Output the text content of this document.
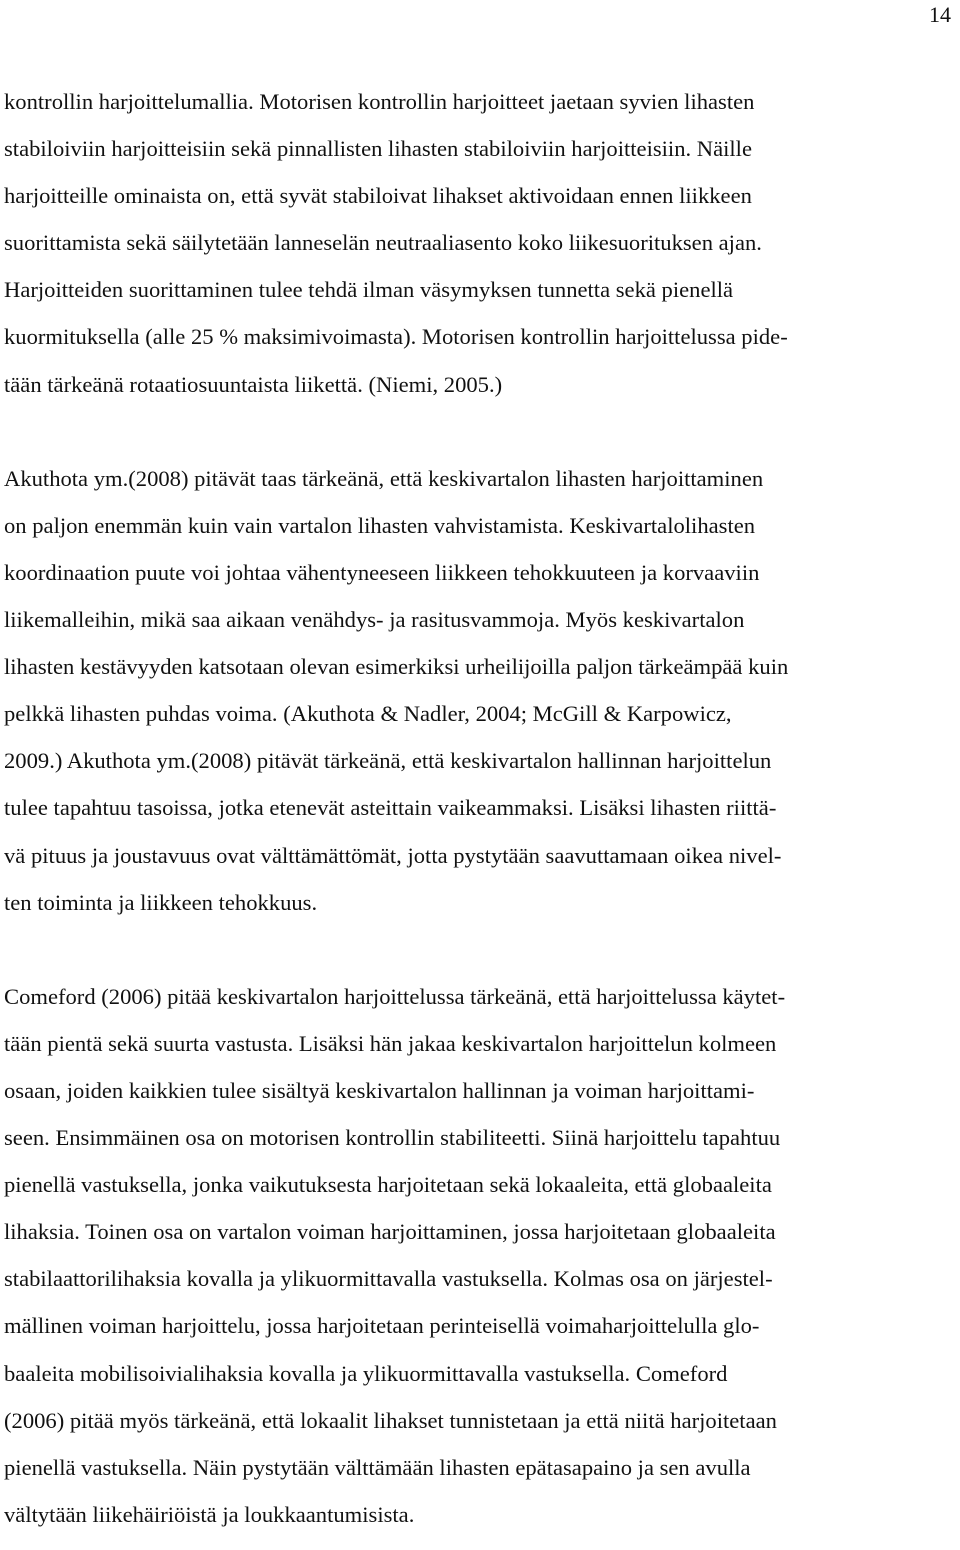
14
kontrollin harjoittelumallia. Motorisen kontrollin harjoitteet jaetaan syvien lihasten
stabiloiviin harjoitteisiin sekä pinnallisten lihasten stabiloiviin harjoitteisiin. Näille
harjoitteille ominaista on, että syvät stabiloivat lihakset aktivoidaan ennen liikkeen
suorittamista sekä säilytetään lanneselän neutraaliasento koko liikesuorituksen ajan.
Harjoitteiden suorittaminen tulee tehdä ilman väsymyksen tunnetta sekä pienellä
kuormituksella (alle 25 % maksimivoimasta). Motorisen kontrollin harjoittelussa pide-
tään tärkeänä rotaatiosuuntaista liikettä. (Niemi, 2005.)
Akuthota ym.(2008) pitävät taas tärkeänä, että keskivartalon lihasten harjoittaminen
on paljon enemmän kuin vain vartalon lihasten vahvistamista. Keskivartalolihasten
koordinaation puute voi johtaa vähentyneeseen liikkeen tehokkuuteen ja korvaaviin
liikemalleihin, mikä saa aikaan venähdys- ja rasitusvammoja. Myös keskivartalon
lihasten kestävyyden katsotaan olevan esimerkiksi urheilijoilla paljon tärkeämpää kuin
pelkkä lihasten puhdas voima. (Akuthota & Nadler, 2004; McGill & Karpowicz,
2009.) Akuthota ym.(2008) pitävät tärkeänä, että keskivartalon hallinnan harjoittelun
tulee tapahtuu tasoissa, jotka etenevät asteittain vaikeammaksi. Lisäksi lihasten riittä-
vä pituus ja joustavuus ovat välttämättömät, jotta pystytään saavuttamaan oikea nivel-
ten toiminta ja liikkeen tehokkuus.
Comeford (2006) pitää keskivartalon harjoittelussa tärkeänä, että harjoittelussa käytet-
tään pientä sekä suurta vastusta. Lisäksi hän jakaa keskivartalon harjoittelun kolmeen
osaan, joiden kaikkien tulee sisältyä keskivartalon hallinnan ja voiman harjoittami-
seen. Ensimmäinen osa on motorisen kontrollin stabiliteetti. Siinä harjoittelu tapahtuu
pienellä vastuksella, jonka vaikutuksesta harjoitetaan sekä lokaaleita, että globaaleita
lihaksia. Toinen osa on vartalon voiman harjoittaminen, jossa harjoitetaan globaaleita
stabilaattorilihaksia kovalla ja ylikuormittavalla vastuksella. Kolmas osa on järjestel-
mällinen voiman harjoittelu, jossa harjoitetaan perinteisellä voimaharjoittelulla glo-
baaleita mobilisoivialihaksia kovalla ja ylikuormittavalla vastuksella. Comeford
(2006) pitää myös tärkeänä, että lokaalit lihakset tunnistetaan ja että niitä harjoitetaan
pienellä vastuksella. Näin pystytään välttämään lihasten epätasapaino ja sen avulla
vältytään liikehäiriöistä ja loukkaantumisista.
